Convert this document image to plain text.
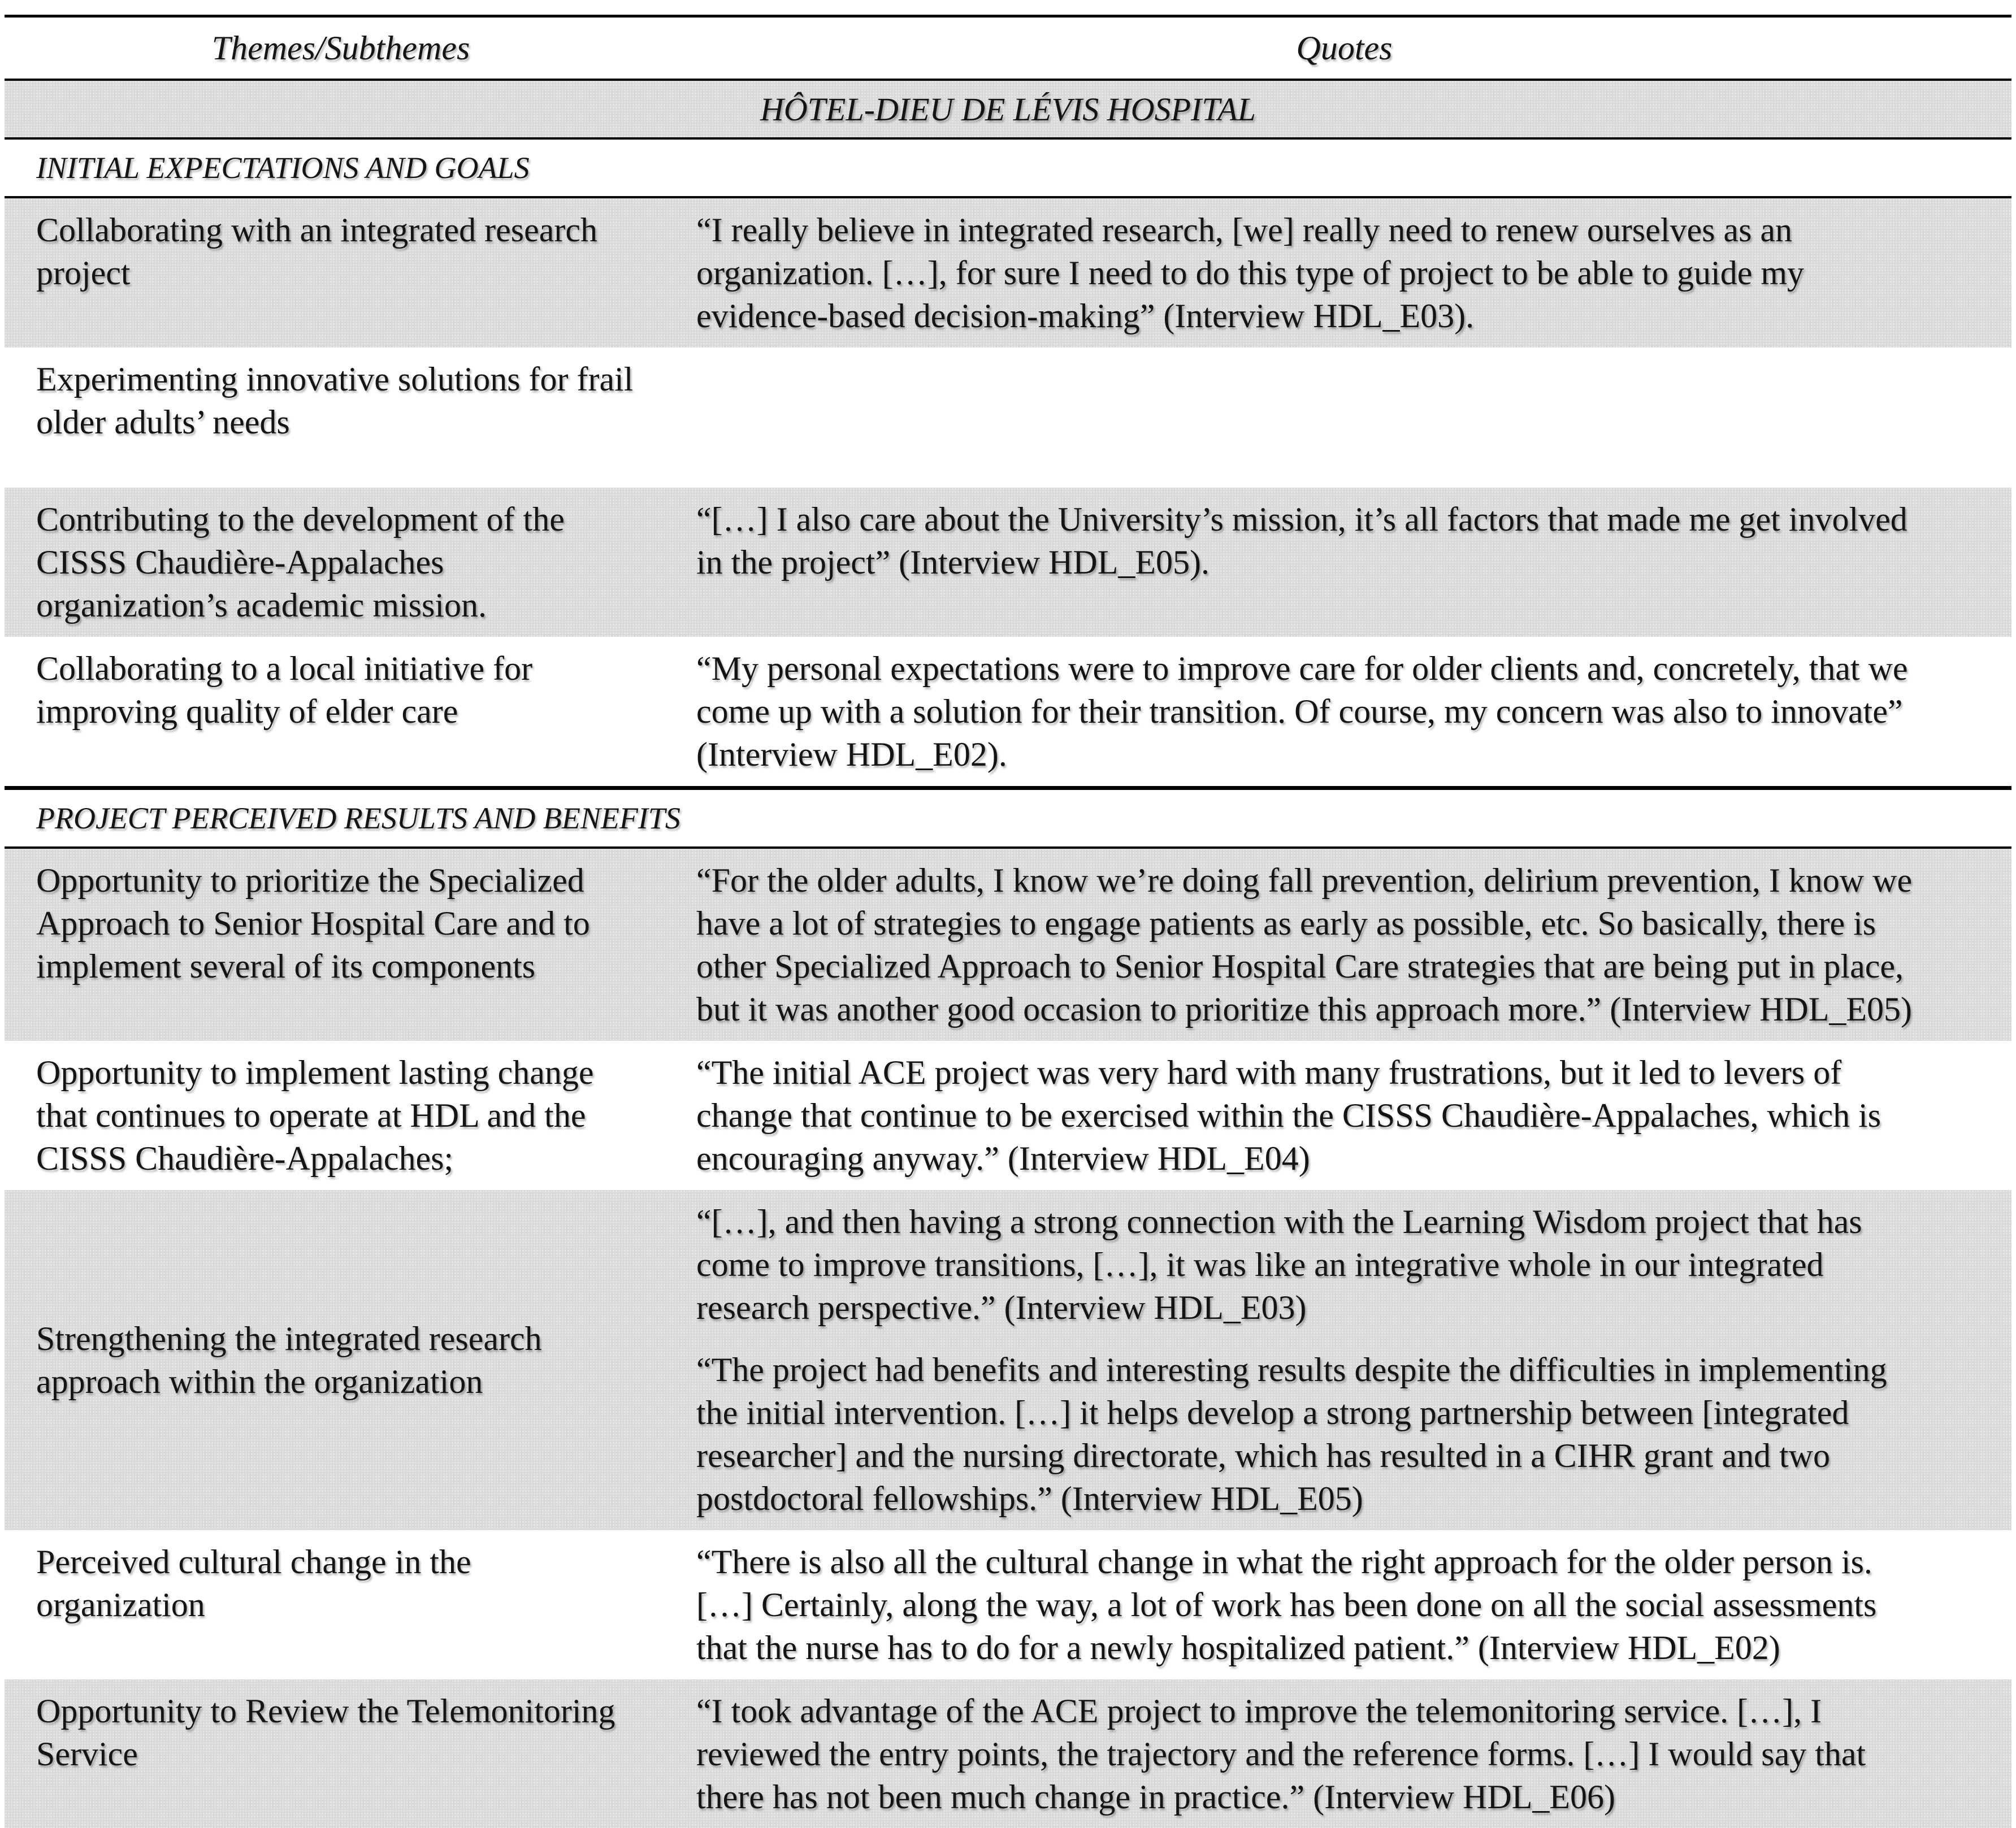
Themes/Subthemes	Quotes
HÔTEL-DIEU DE LÉVIS HOSPITAL	
INITIAL EXPECTATIONS AND GOALS	
Collaborating with an integrated research project	“I really believe in integrated research, [we] really need to renew ourselves as an organization. […], for sure I need to do this type of project to be able to guide my evidence-based decision-making” (Interview HDL_E03).

Experimenting innovative solutions for frail older adults’ needs	
Contributing to the development of the CISSS Chaudière-Appalaches organization’s academic mission.	“[…] I also care about the University’s mission, it’s all factors that made me get involved in the project” (Interview HDL_E05).

Collaborating to a local initiative for improving quality of elder care	“My personal expectations were to improve care for older clients and, concretely, that we come up with a solution for their transition. Of course, my concern was also to innovate” (Interview HDL_E02).

PROJECT PERCEIVED RESULTS AND BENEFITS	
Opportunity to prioritize the Specialized Approach to Senior Hospital Care and to implement several of its components	“For the older adults, I know we’re doing fall prevention, delirium prevention, I know we have a lot of strategies to engage patients as early as possible, etc. So basically, there is other Specialized Approach to Senior Hospital Care strategies that are being put in place, but it was another good occasion to prioritize this approach more.” (Interview HDL_E05)

Opportunity to implement lasting change that continues to operate at HDL and the CISSS Chaudière-Appalaches;	“The initial ACE project was very hard with many frustrations, but it led to levers of change that continue to be exercised within the CISSS Chaudière-Appalaches, which is encouraging anyway.” (Interview HDL_E04)

Strengthening the integrated research approach within the organization	“[…], and then having a strong connection with the Learning Wisdom project that has come to improve transitions, […], it was like an integrative whole in our integrated research perspective.” (Interview HDL_E03)

“The project had benefits and interesting results despite the difficulties in implementing the initial intervention. […] it helps develop a strong partnership between [integrated researcher] and the nursing directorate, which has resulted in a CIHR grant and two postdoctoral fellowships.” (Interview HDL_E05)

Perceived cultural change in the organization	“There is also all the cultural change in what the right approach for the older person is. […] Certainly, along the way, a lot of work has been done on all the social assessments that the nurse has to do for a newly hospitalized patient.” (Interview HDL_E02)

Opportunity to Review the Telemonitoring Service	“I took advantage of the ACE project to improve the telemonitoring service. […], I reviewed the entry points, the trajectory and the reference forms. […] I would say that there has not been much change in practice.” (Interview HDL_E06)
